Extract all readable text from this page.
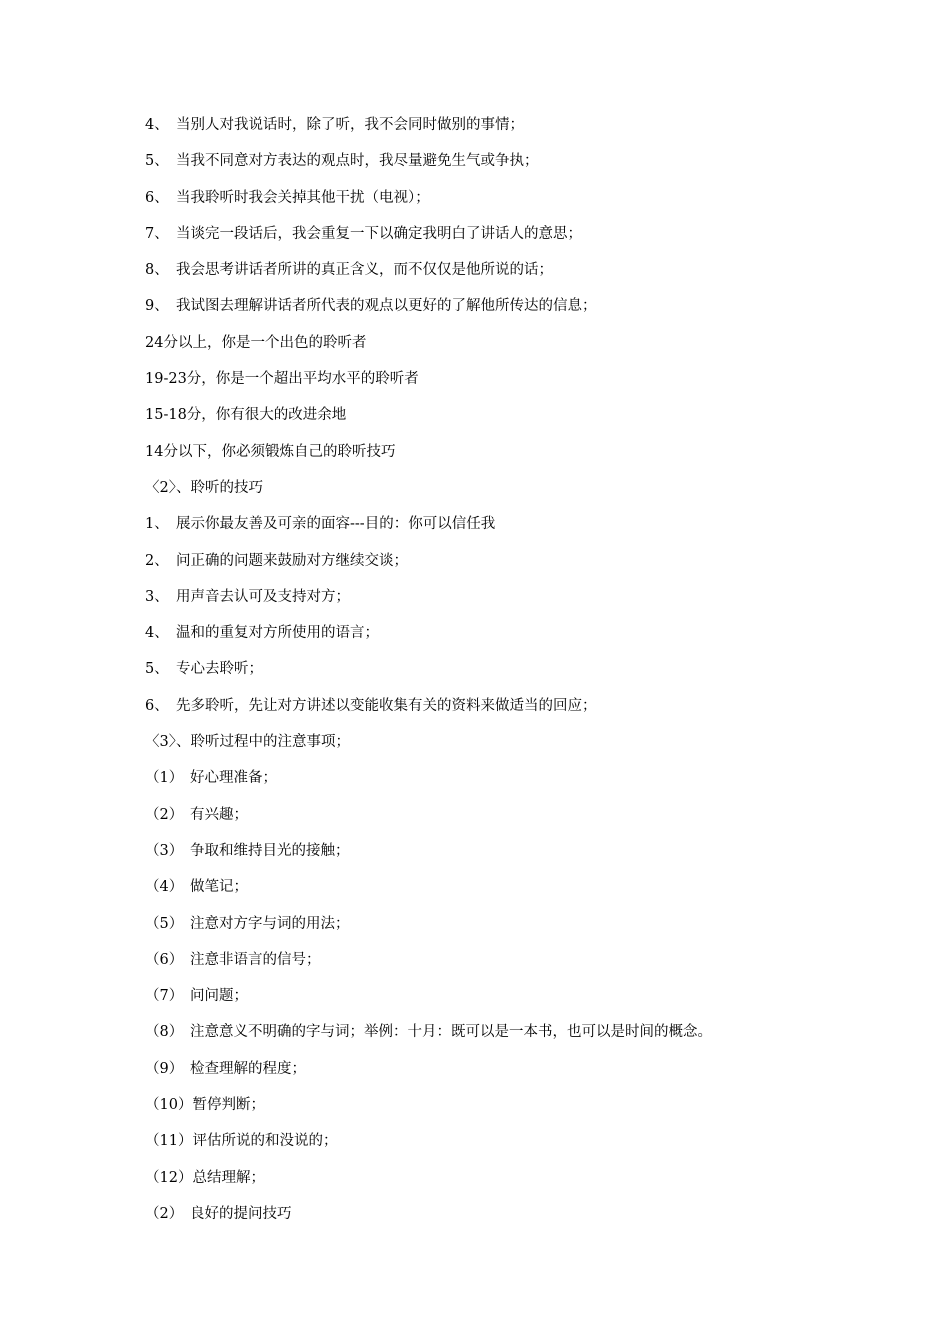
4、 当别人对我说话时，除了听，我不会同时做别的事情；
5、 当我不同意对方表达的观点时，我尽量避免生气或争执；
6、 当我聆听时我会关掉其他干扰（电视）；
7、 当谈完一段话后，我会重复一下以确定我明白了讲话人的意思；
8、 我会思考讲话者所讲的真正含义，而不仅仅是他所说的话；
9、 我试图去理解讲话者所代表的观点以更好的了解他所传达的信息；
24分以上，你是一个出色的聆听者
19-23分，你是一个超出平均水平的聆听者
15-18分，你有很大的改进余地
14分以下，你必须锻炼自己的聆听技巧
〈2〉、聆听的技巧
1、 展示你最友善及可亲的面容---目的：你可以信任我
2、 问正确的问题来鼓励对方继续交谈；
3、 用声音去认可及支持对方；
4、 温和的重复对方所使用的语言；
5、 专心去聆听；
6、 先多聆听，先让对方讲述以变能收集有关的资料来做适当的回应；
〈3〉、聆听过程中的注意事项；
（1） 好心理准备；
（2） 有兴趣；
（3） 争取和维持目光的接触；
（4） 做笔记；
（5） 注意对方字与词的用法；
（6） 注意非语言的信号；
（7） 问问题；
（8） 注意意义不明确的字与词；举例：十月：既可以是一本书，也可以是时间的概念。
（9） 检查理解的程度；
（10）暂停判断；
（11）评估所说的和没说的；
（12）总结理解；
（2） 良好的提问技巧
